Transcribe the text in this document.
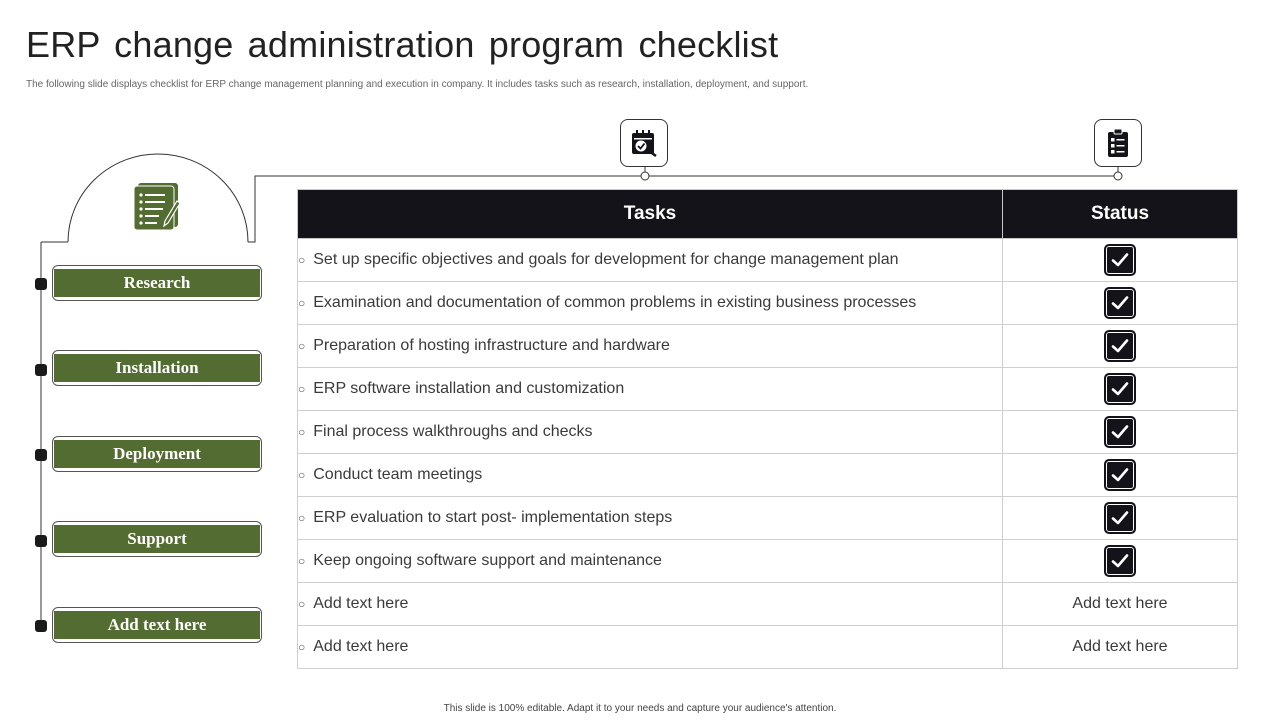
ERP change administration program checklist

The following slide displays checklist for ERP change management planning and execution in company. It includes tasks such as research, installation, deployment, and support.

Research
Installation
Deployment
Support
Add text here
Tasks	Status
○ Set up specific objectives and goals for development for change management plan	

○ Examination and documentation of common problems in existing business processes	

○ Preparation of hosting infrastructure and hardware	

○ ERP software installation and customization	

○ Final process walkthroughs and checks	

○ Conduct team meetings	

○ ERP evaluation to start post- implementation steps	

○ Keep ongoing software support and maintenance	

○ Add text here	Add text here
○ Add text here	Add text here
This slide is 100% editable. Adapt it to your needs and capture your audience's attention.
